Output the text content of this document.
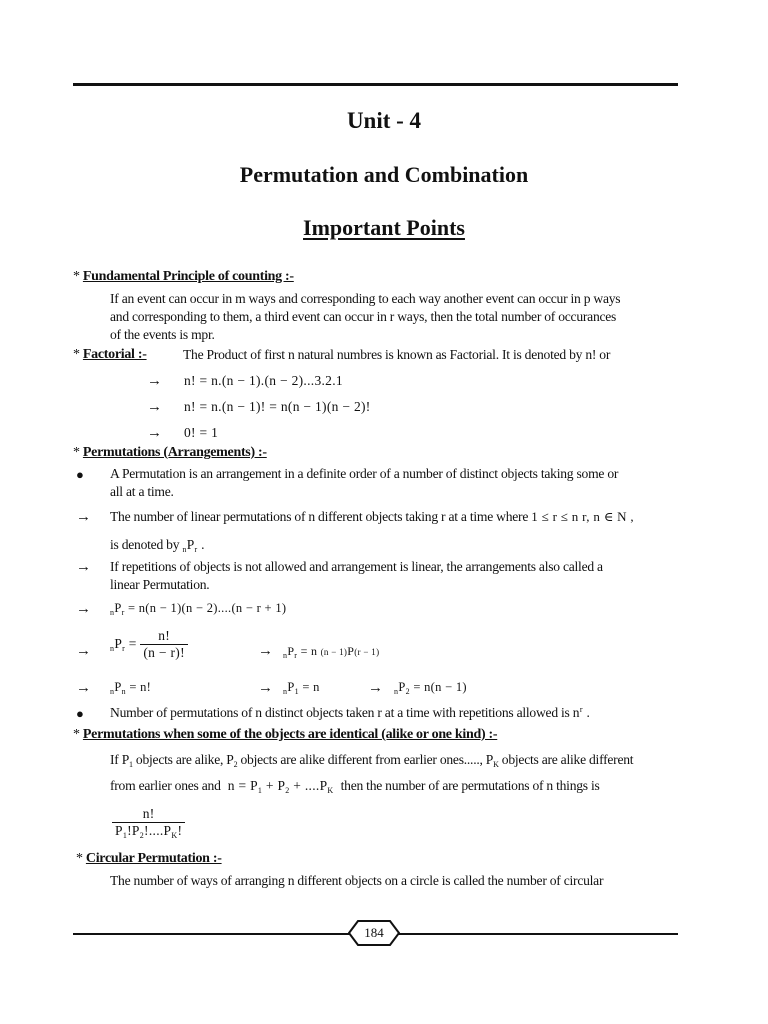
Unit - 4
Permutation and Combination
Important Points
* Fundamental Principle of counting :-
If an event can occur in m ways and corresponding to each way another event can occur in p ways
and corresponding to them, a third event can occur in r ways, then the total number of occurances
of the events is mpr.
* Factorial :-	The Product of first n natural numbres is known as Factorial. It is denoted by n! or
→ n! = n.(n − 1).(n − 2)...3.2.1
→ n! = n.(n − 1)! = n(n − 1)(n − 2)!
→ 0! = 1
* Permutations (Arrangements) :-
● A Permutation is an arrangement in a definite order of a number of distinct objects taking some or
all at a time.
→ The number of linear permutations of n different objects taking r at a time where 1 ≤ r ≤ n r, n ∈ N ,
is denoted by $_nP_r$ .
→ If repetitions of objects is not allowed and arrangement is linear, the arrangements also called a
linear Permutation.
→ $_nP_r = n(n - 1)(n - 2)....(n - r + 1)$
→ $_nP_r = \frac{n!}{(n - r)!}$	→ $_nP_r = n$ (n − 1)P(r − 1)
→ $_nP_n = n$!	→ $_nP_1 = n$	→ $_nP_2 = n(n - 1)$
● Number of permutations of n distinct objects taken r at a time with repetitions allowed is $n^r$ .
* Permutations when some of the objects are identical (alike or one kind) :-
If $P_1$ objects are alike, $P_2$ objects are alike different from earlier ones....., $P_K$ objects are alike different
from earlier ones and $n = P_1 + P_2 + ....P_K$ then the number of are permutations of n things is
$\frac{n!}{P_1!P_2!....P_K!}$
* Circular Permutation :-
The number of ways of arranging n different objects on a circle is called the number of circular
184
